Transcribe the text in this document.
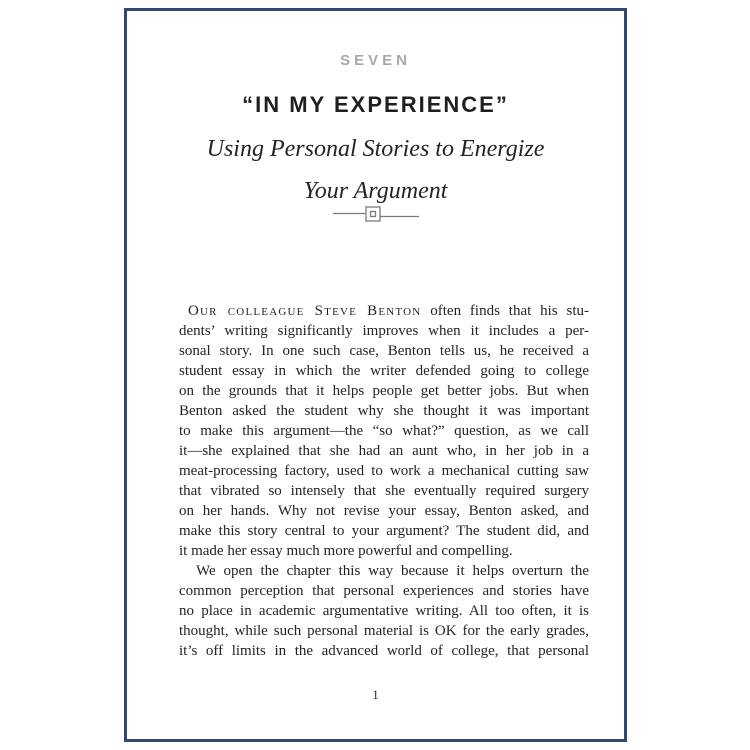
SEVEN
“IN MY EXPERIENCE”
Using Personal Stories to Energize
Your Argument
Our colleague Steve Benton often finds that his stu-
dents’ writing significantly improves when it includes a per-
sonal story. In one such case, Benton tells us, he received a
student essay in which the writer defended going to college
on the grounds that it helps people get better jobs. But when
Benton asked the student why she thought it was important
to make this argument—the “so what?” question, as we call
it—she explained that she had an aunt who, in her job in a
meat-processing factory, used to work a mechanical cutting saw
that vibrated so intensely that she eventually required surgery
on her hands. Why not revise your essay, Benton asked, and
make this story central to your argument? The student did, and
it made her essay much more powerful and compelling.
We open the chapter this way because it helps overturn the
common perception that personal experiences and stories have
no place in academic argumentative writing. All too often, it is
thought, while such personal material is OK for the early grades,
it’s off limits in the advanced world of college, that personal
1
